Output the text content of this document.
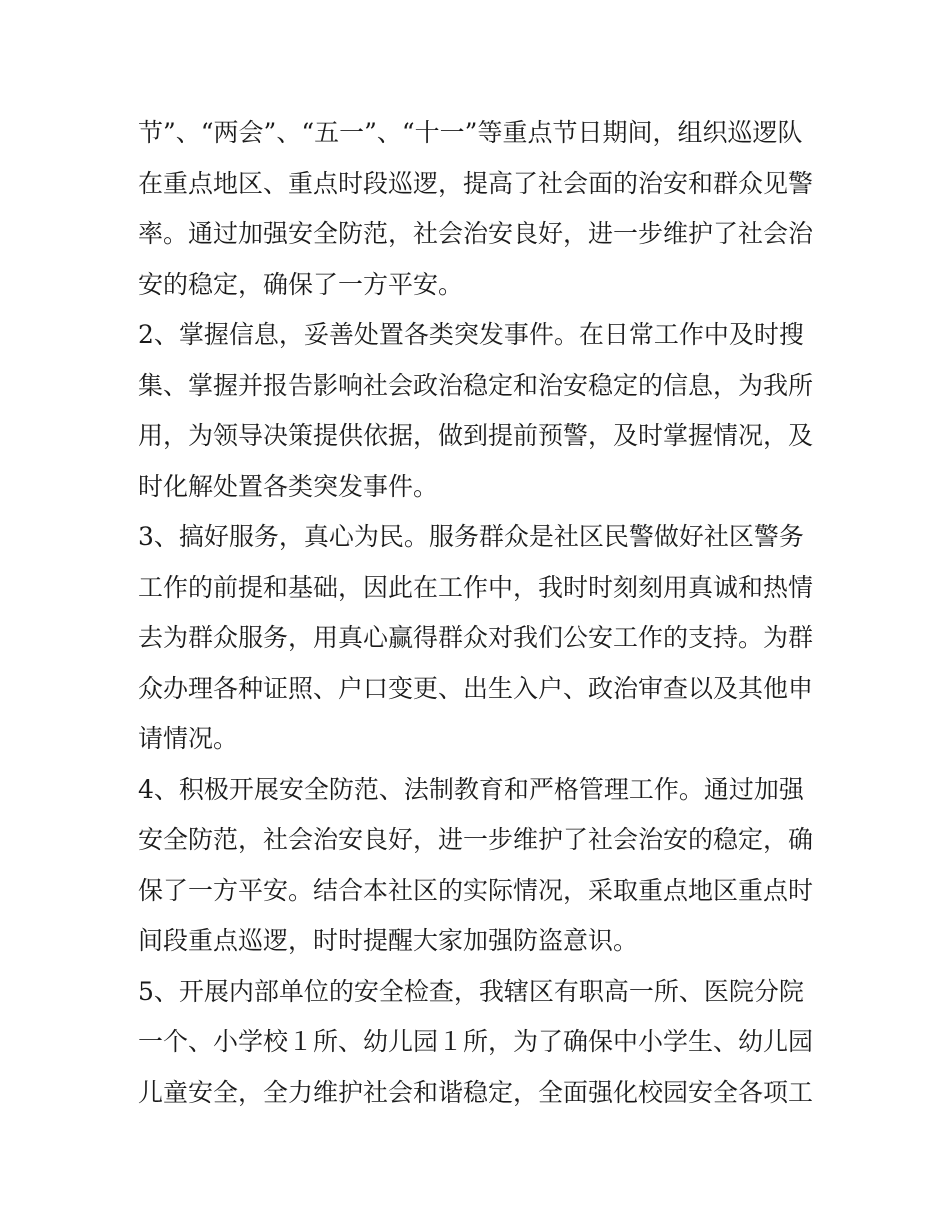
节”、“两会”、“五一”、“十一”等重点节日期间，组织巡逻队
在重点地区、重点时段巡逻，提高了社会面的治安和群众见警
率。通过加强安全防范，社会治安良好，进一步维护了社会治
安的稳定，确保了一方平安。
2、掌握信息，妥善处置各类突发事件。在日常工作中及时搜
集、掌握并报告影响社会政治稳定和治安稳定的信息，为我所
用，为领导决策提供依据，做到提前预警，及时掌握情况，及
时化解处置各类突发事件。
3、搞好服务，真心为民。服务群众是社区民警做好社区警务
工作的前提和基础，因此在工作中，我时时刻刻用真诚和热情
去为群众服务，用真心赢得群众对我们公安工作的支持。为群
众办理各种证照、户口变更、出生入户、政治审查以及其他申
请情况。
4、积极开展安全防范、法制教育和严格管理工作。通过加强
安全防范，社会治安良好，进一步维护了社会治安的稳定，确
保了一方平安。结合本社区的实际情况，采取重点地区重点时
间段重点巡逻，时时提醒大家加强防盗意识。
5、开展内部单位的安全检查，我辖区有职高一所、医院分院
一个、小学校１所、幼儿园１所，为了确保中小学生、幼儿园
儿童安全，全力维护社会和谐稳定，全面强化校园安全各项工
